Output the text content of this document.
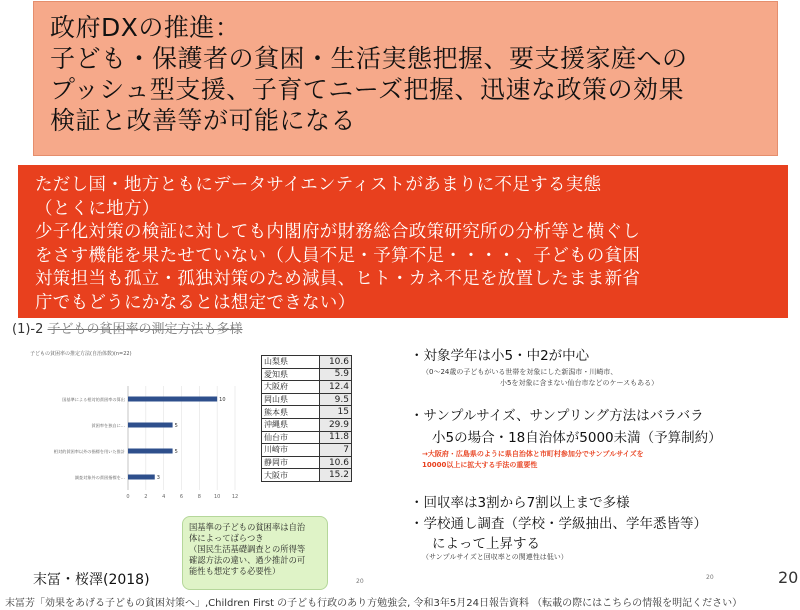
政府DXの推進：
子ども・保護者の貧困・生活実態把握、要支援家庭への
プッシュ型支援、子育てニーズ把握、迅速な政策の効果
検証と改善等が可能になる
ただし国・地方ともにデータサイエンティストがあまりに不足する実態
（とくに地方）
少子化対策の検証に対しても内閣府が財務総合政策研究所の分析等と横ぐし
をさす機能を果たせていない（人員不足・予算不足・・・・、子どもの貧困
対策担当も孤立・孤独対策のため減員、ヒト・カネ不足を放置したまま新省
庁でもどうにかなるとは想定できない）
(1)-2 子どもの貧困率の測定方法も多様
子どもの貧困率の推定方法(自治体数)(n=22)
0	2	4	6	8	10 12
10
国基準による相対的貧困率の算出
5
貧困率を独自に…
5
相対的貧困率以外の指標を用いた推計
3
調査対象外の貧困指標を…
山梨県	10.6
愛知県	5.9
大阪府	12.4
岡山県	9.5
熊本県	15
沖縄県	29.9
仙台市	11.8
川崎市	7
静岡市	10.6
大阪市	15.2
国基準の子どもの貧困率は自治
体によってばらつき
（国民生活基礎調査との所得等
確認方法の違い、過少推計の可
能性も想定する必要性）
・対象学年は小5・中2が中心
（0～24歳の子どもがいる世帯を対象にした新潟市・川崎市、
小5を対象に含まない仙台市などのケースもある）
・サンプルサイズ、サンプリング方法はバラバラ
小5の場合・18自治体が5000未満（予算制約）
→大阪府・広島県のように県自治体と市町村参加分でサンプルサイズを
10000以上に拡大する手法の重要性
・回収率は3割から7割以上まで多様
・学校通し調査（学校・学級抽出、学年悉皆等）
によって上昇する
（サンプルサイズと回収率との関連性は低い）
末冨・桜澤(2018)	20
20	20
末冨芳「効果をあげる子どもの貧困対策へ」,Children First の子ども行政のあり方勉強会, 令和3年5月24日報告資料 （転載の際にはこちらの情報を明記ください）
